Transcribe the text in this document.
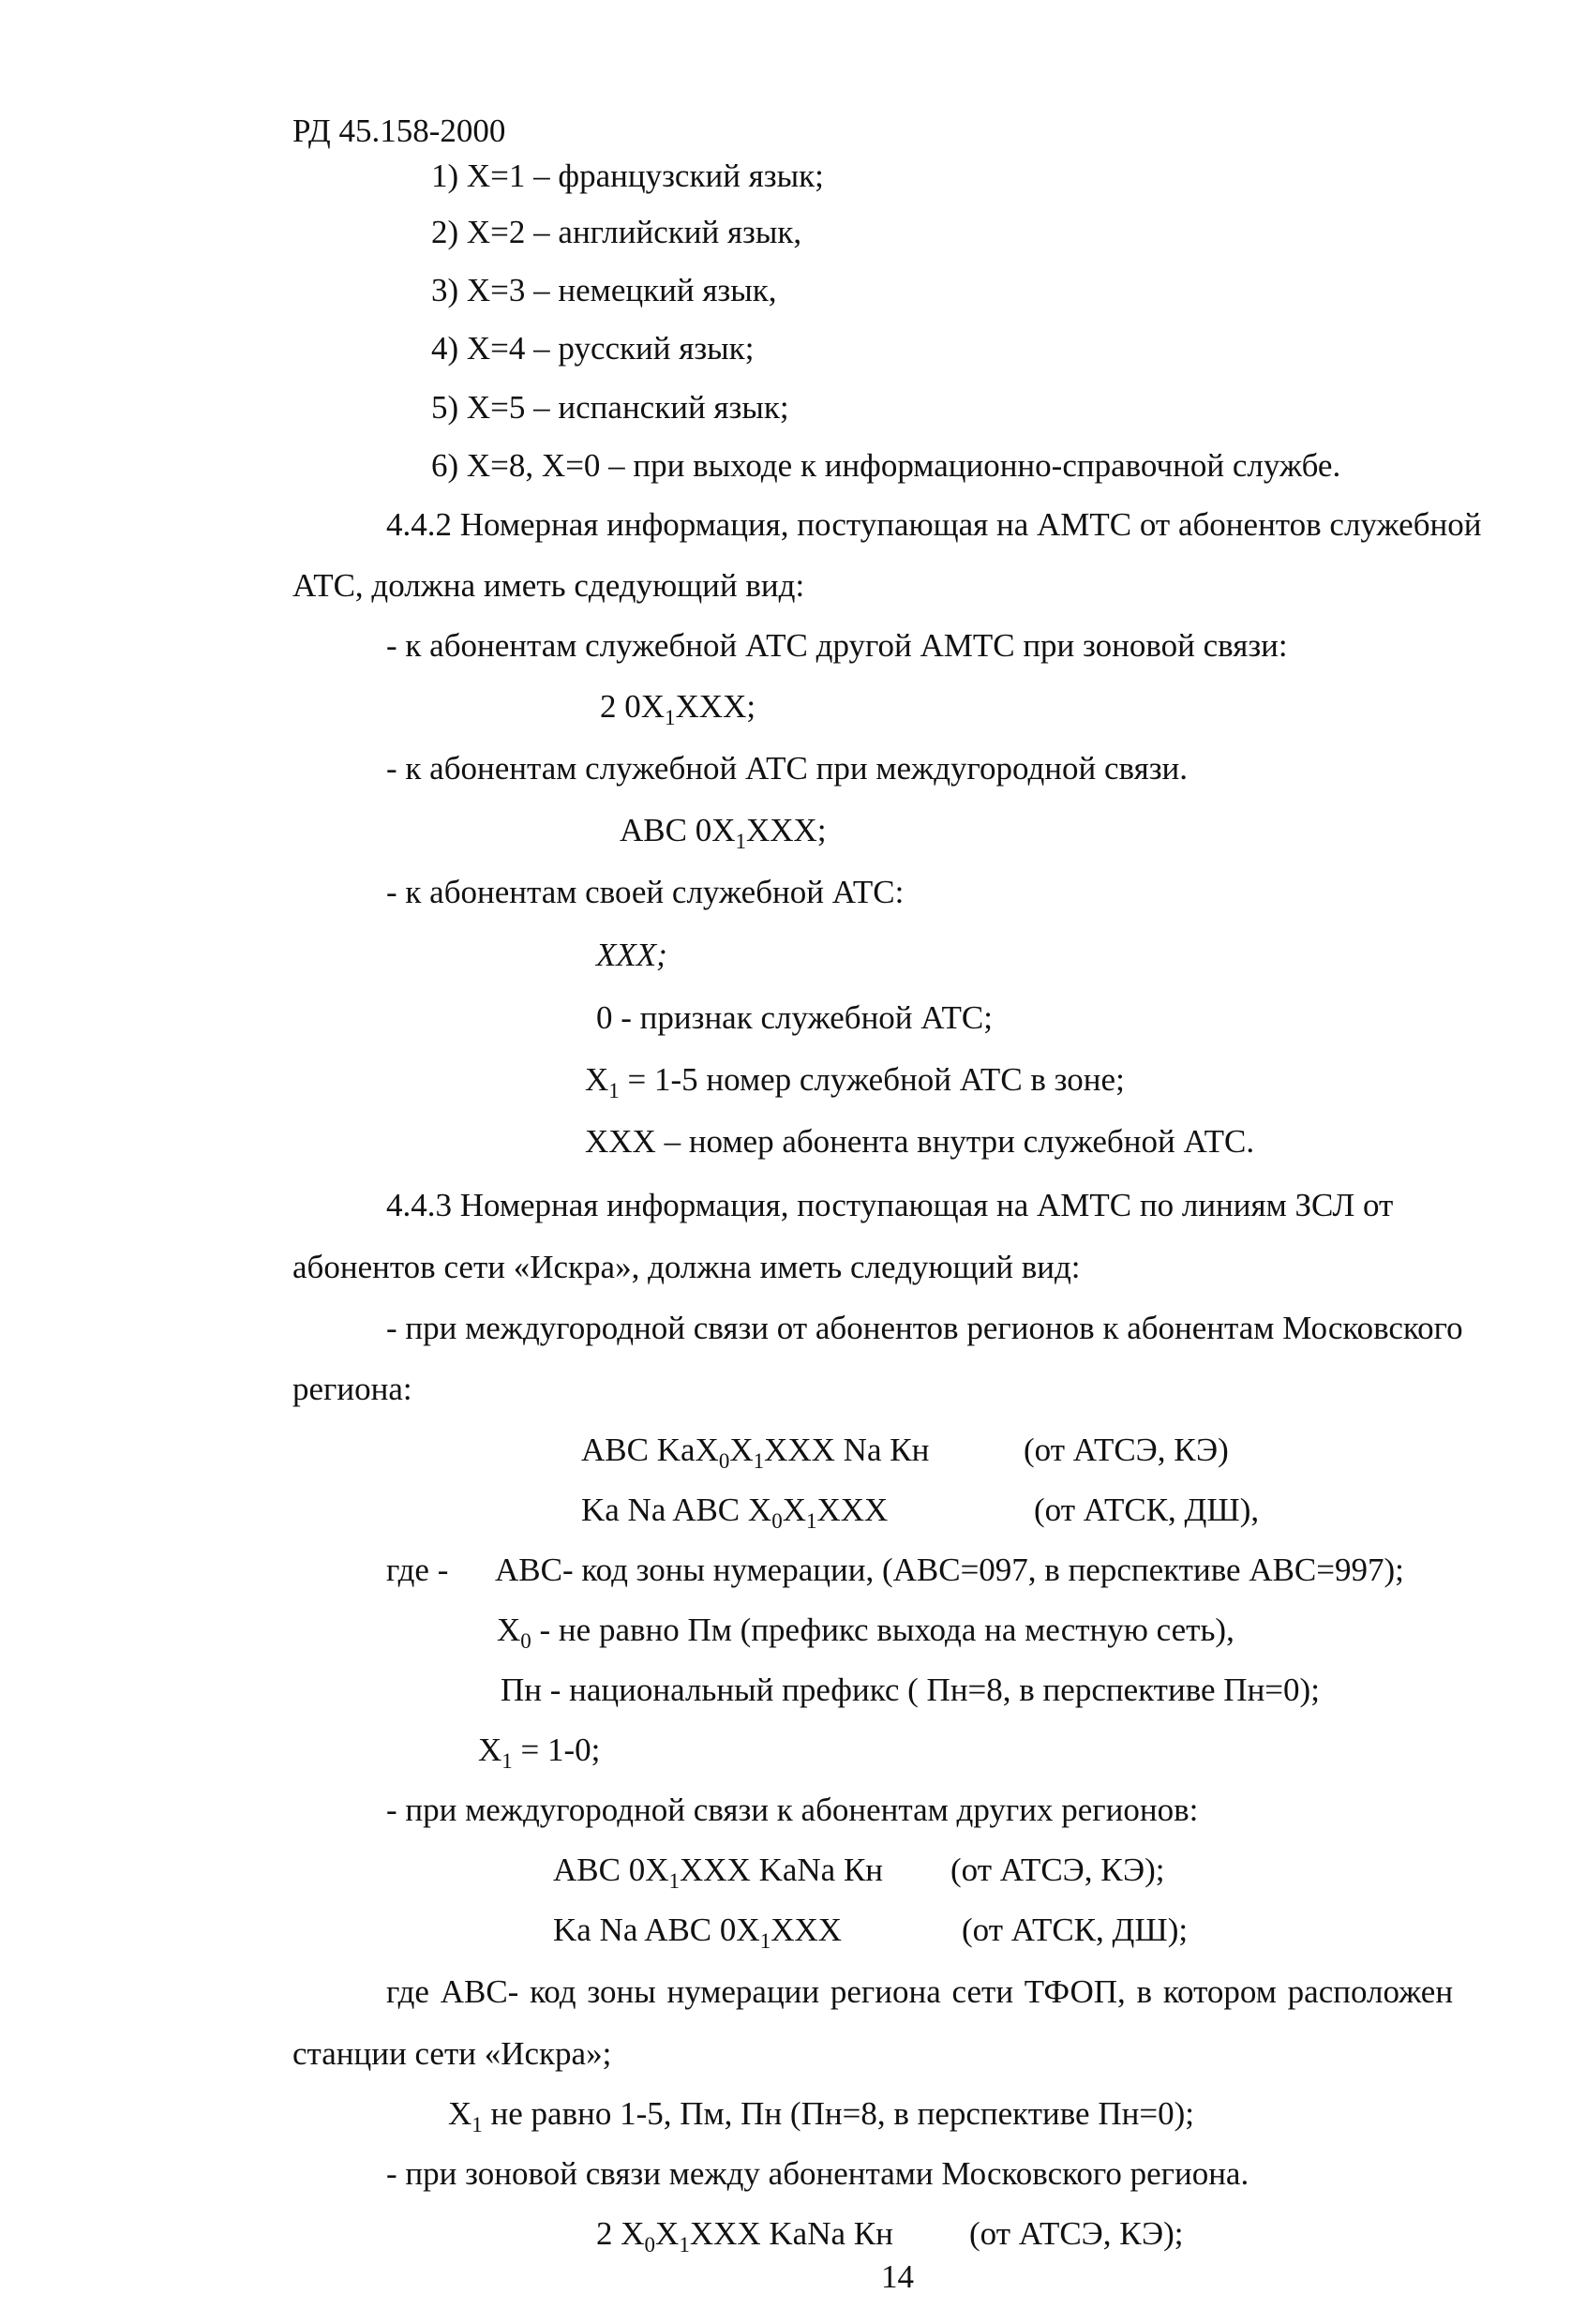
РД 45.158-2000
1) X=1 – французский язык;
2) X=2 – английский язык,
3) X=3 – немецкий язык,
4) X=4 – русский язык;
5) X=5 – испанский язык;
6) X=8, X=0 – при выходе к информационно-справочной службе.
4.4.2 Номерная информация, поступающая на АМТС от абонентов служебной
АТС, должна иметь сдедующий вид:
- к абонентам служебной АТС другой АМТС при зоновой связи:
2 $0X_1XXX$;
- к абонентам служебной АТС при междугородной связи.
ABC $0X_1XXX$;
- к абонентам своей служебной АТС:
XXX;
0 - признак служебной АТС;
$X_1 = 1-5$ номер служебной АТС в зоне;
XXX – номер абонента внутри служебной АТС.
4.4.3 Номерная информация, поступающая на АМТС по линиям ЗСЛ от
абонентов сети «Искра», должна иметь следующий вид:
- при междугородной связи от абонентов регионов к абонентам Московского
региона:
ABC $KaX_0X_1XXX$ Na Кн	(от АТСЭ, КЭ)
Ka Na ABC $X_0X_1XXX$	(от АТСК, ДШ),
где - ABC- код зоны нумерации, (ABC=097, в перспективе ABC=997);
$X_0$ - не равно Пм (префикс выхода на местную сеть),
Пн - национальный префикс ( Пн=8, в перспективе Пн=0);
$X_1 = 1-0$;
- при междугородной связи к абонентам других регионов:
ABC $0X_1XXX$ KaNa Кн (от АТСЭ, КЭ);
Ka Na ABC $0X_1XXX$	(от АТСК, ДШ);
где ABC- код зоны нумерации региона сети ТФОП, в котором расположен
станции сети «Искра»;
$X_1$ не равно 1-5, Пм, Пн (Пн=8, в перспективе Пн=0);
- при зоновой связи между абонентами Московского региона.
2 $X_0X_1XXX$ KaNa Кн (от АТСЭ, КЭ);
14
